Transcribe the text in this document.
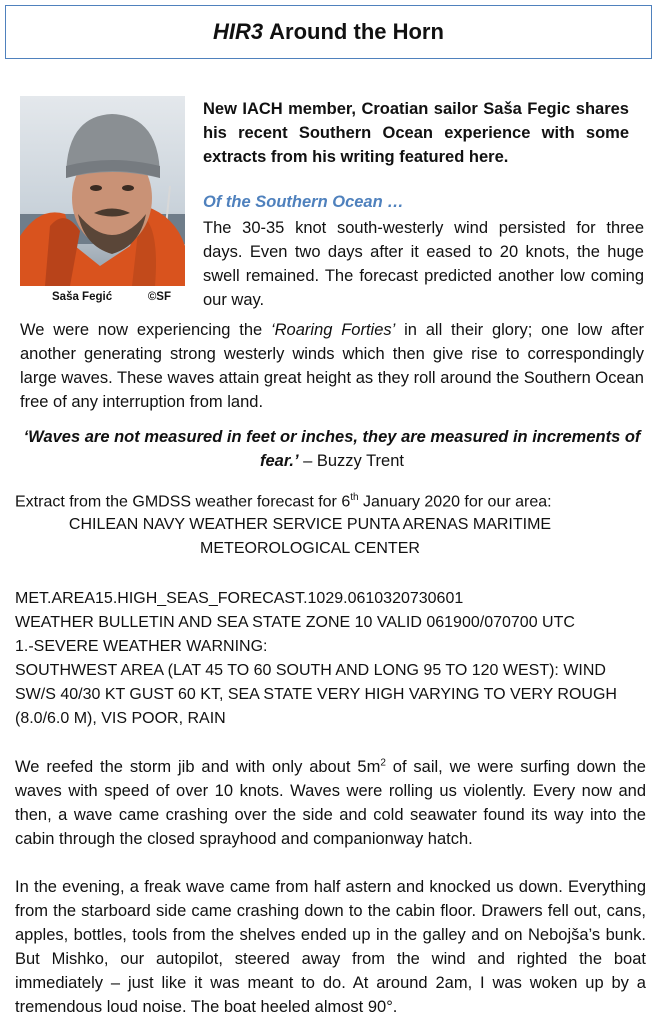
HIR3 Around the Horn
Saša Fegić	©SF
New IACH member, Croatian sailor Saša Fegic shares his recent Southern Ocean experience with some extracts from his writing featured here.
Of the Southern Ocean …
The 30-35 knot south-westerly wind persisted for three days. Even two days after it eased to 20 knots, the huge swell remained. The forecast predicted another low coming our way.
We were now experiencing the ‘Roaring Forties’ in all their glory; one low after another generating strong westerly winds which then give rise to correspondingly large waves. These waves attain great height as they roll around the Southern Ocean free of any interruption from land.
‘Waves are not measured in feet or inches, they are measured in increments of fear.’ – Buzzy Trent
Extract from the GMDSS weather forecast for 6th January 2020 for our area:
CHILEAN NAVY WEATHER SERVICE PUNTA ARENAS MARITIME
METEOROLOGICAL CENTER
MET.AREA15.HIGH_SEAS_FORECAST.1029.0610320730601
WEATHER BULLETIN AND SEA STATE ZONE 10 VALID 061900/070700 UTC
1.-SEVERE WEATHER WARNING:
SOUTHWEST AREA (LAT 45 TO 60 SOUTH AND LONG 95 TO 120 WEST): WIND
SW/S 40/30 KT GUST 60 KT, SEA STATE VERY HIGH VARYING TO VERY ROUGH
(8.0/6.0 M), VIS POOR, RAIN
We reefed the storm jib and with only about $5m^2$ of sail, we were surfing down the waves with speed of over 10 knots. Waves were rolling us violently. Every now and then, a wave came crashing over the side and cold seawater found its way into the cabin through the closed sprayhood and companionway hatch.
In the evening, a freak wave came from half astern and knocked us down. Everything from the starboard side came crashing down to the cabin floor. Drawers fell out, cans, apples, bottles, tools from the shelves ended up in the galley and on Nebojša’s bunk. But Mishko, our autopilot, steered away from the wind and righted the boat immediately – just like it was meant to do. At around 2am, I was woken up by a tremendous loud noise. The boat heeled almost 90°.
